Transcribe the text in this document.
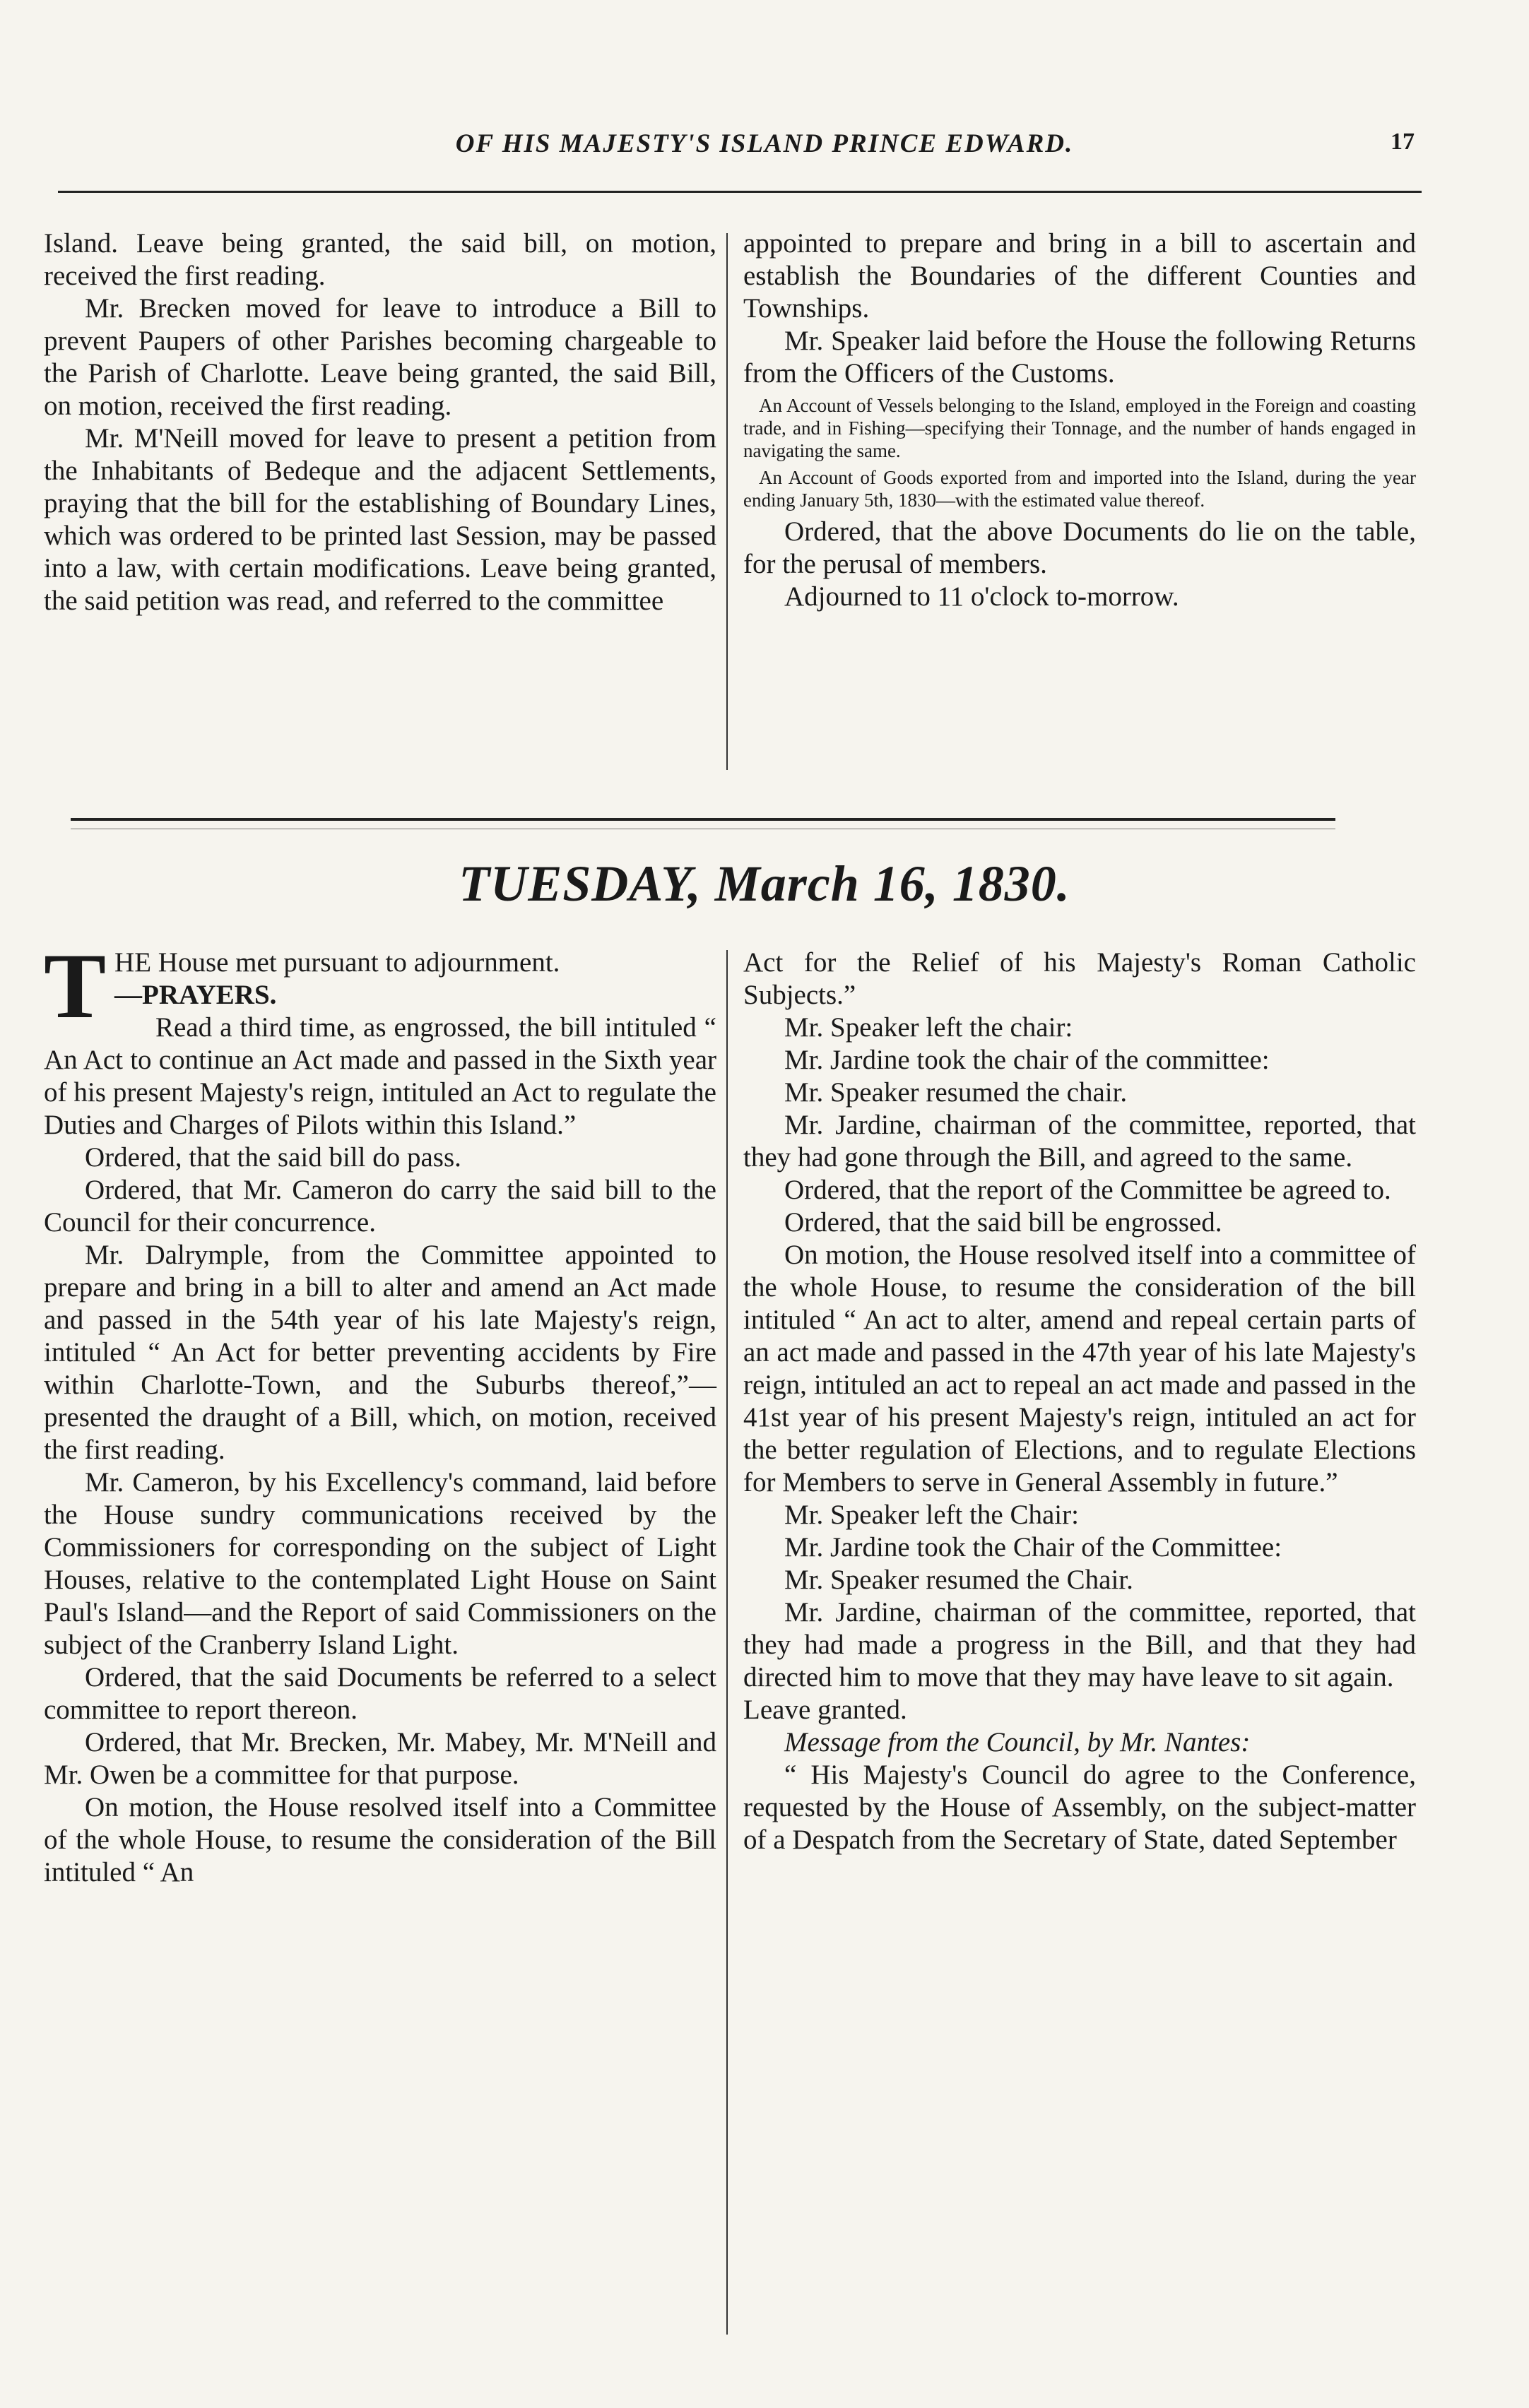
OF HIS MAJESTY'S ISLAND PRINCE EDWARD.	17

Island. Leave being granted, the said bill, on motion, received the first reading.

Mr. Brecken moved for leave to introduce a Bill to prevent Paupers of other Parishes becoming chargeable to the Parish of Charlotte. Leave being granted, the said Bill, on motion, received the first reading.

Mr. M'Neill moved for leave to present a petition from the Inhabitants of Bedeque and the adjacent Settlements, praying that the bill for the establishing of Boundary Lines, which was ordered to be printed last Session, may be passed into a law, with certain modifications. Leave being granted, the said petition was read, and referred to the committee

appointed to prepare and bring in a bill to ascertain and establish the Boundaries of the different Counties and Townships.

Mr. Speaker laid before the House the following Returns from the Officers of the Customs.

An Account of Vessels belonging to the Island, employed in the Foreign and coasting trade, and in Fishing—specifying their Tonnage, and the number of hands engaged in navigating the same.

An Account of Goods exported from and imported into the Island, during the year ending January 5th, 1830—with the estimated value thereof.

Ordered, that the above Documents do lie on the table, for the perusal of members.

Adjourned to 11 o'clock to-morrow.

TUESDAY, March 16, 1830.

THE House met pursuant to adjournment.
—PRAYERS.

Read a third time, as engrossed, the bill intituled “ An Act to continue an Act made and passed in the Sixth year of his present Majesty's reign, intituled an Act to regulate the Duties and Charges of Pilots within this Island.”

Ordered, that the said bill do pass.

Ordered, that Mr. Cameron do carry the said bill to the Council for their concurrence.

Mr. Dalrymple, from the Committee appointed to prepare and bring in a bill to alter and amend an Act made and passed in the 54th year of his late Majesty's reign, intituled “ An Act for better preventing accidents by Fire within Charlotte-Town, and the Suburbs thereof,”—presented the draught of a Bill, which, on motion, received the first reading.

Mr. Cameron, by his Excellency's command, laid before the House sundry communications received by the Commissioners for corresponding on the subject of Light Houses, relative to the contemplated Light House on Saint Paul's Island—and the Report of said Commissioners on the subject of the Cranberry Island Light.

Ordered, that the said Documents be referred to a select committee to report thereon.

Ordered, that Mr. Brecken, Mr. Mabey, Mr. M'Neill and Mr. Owen be a committee for that purpose.

On motion, the House resolved itself into a Committee of the whole House, to resume the consideration of the Bill intituled “ An

Act for the Relief of his Majesty's Roman Catholic Subjects.”

Mr. Speaker left the chair:

Mr. Jardine took the chair of the committee:

Mr. Speaker resumed the chair.

Mr. Jardine, chairman of the committee, reported, that they had gone through the Bill, and agreed to the same.

Ordered, that the report of the Committee be agreed to.

Ordered, that the said bill be engrossed.

On motion, the House resolved itself into a committee of the whole House, to resume the consideration of the bill intituled “ An act to alter, amend and repeal certain parts of an act made and passed in the 47th year of his late Majesty's reign, intituled an act to repeal an act made and passed in the 41st year of his present Majesty's reign, intituled an act for the better regulation of Elections, and to regulate Elections for Members to serve in General Assembly in future.”

Mr. Speaker left the Chair:

Mr. Jardine took the Chair of the Committee:

Mr. Speaker resumed the Chair.

Mr. Jardine, chairman of the committee, reported, that they had made a progress in the Bill, and that they had directed him to move that they may have leave to sit again.

Leave granted.

Message from the Council, by Mr. Nantes:

“ His Majesty's Council do agree to the Conference, requested by the House of Assembly, on the subject-matter of a Despatch from the Secretary of State, dated September
